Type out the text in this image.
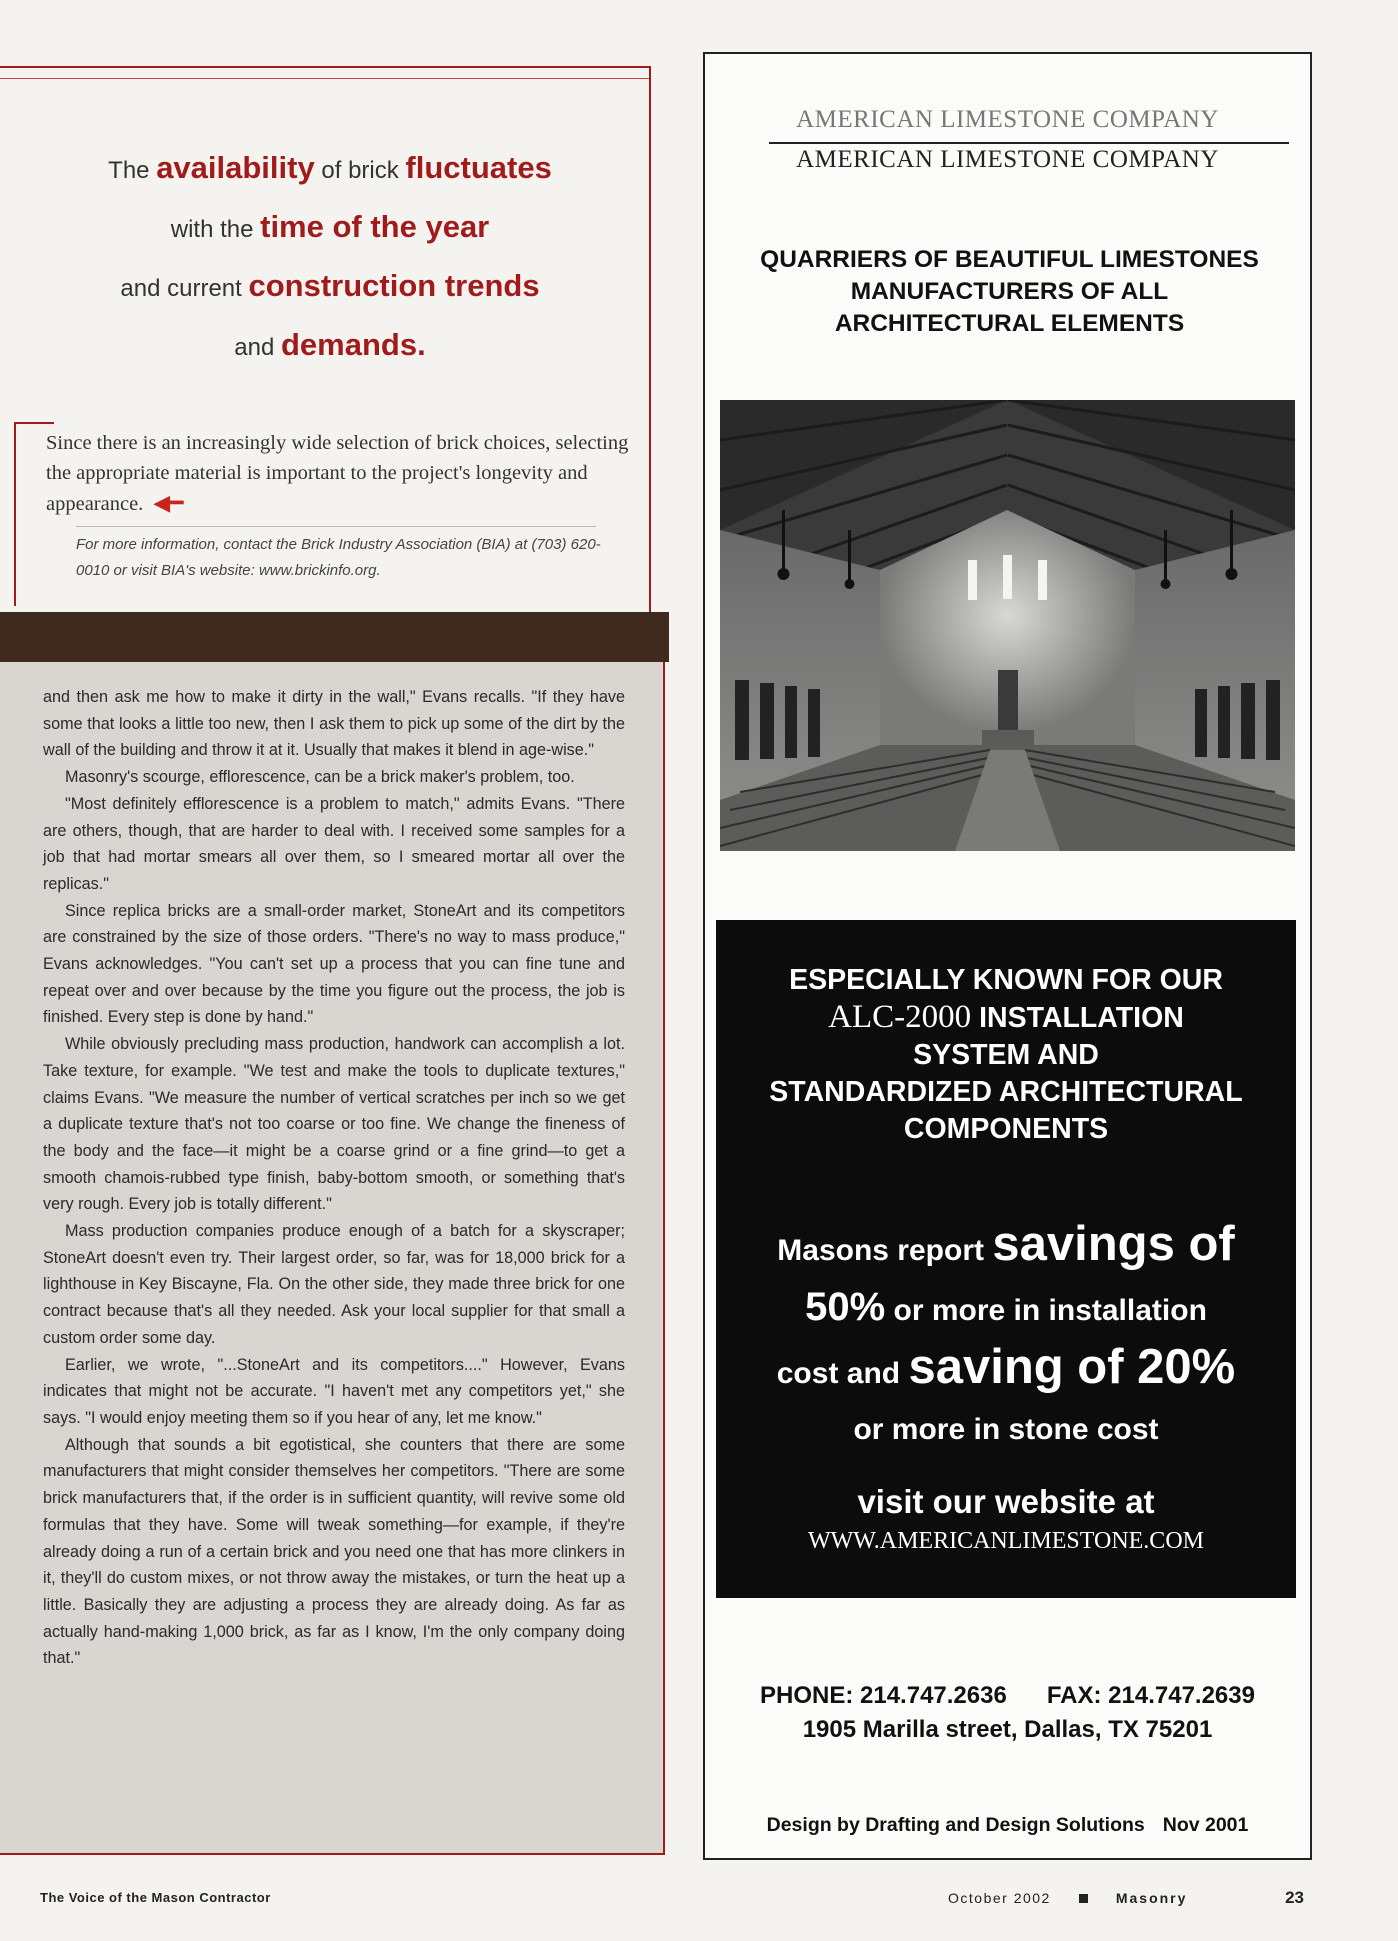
The availability of brick fluctuates
with the time of the year
and current construction trends
and demands.
Since there is an increasingly wide selection of brick choices, selecting the appropriate material is important to the project's longevity and appearance. ◀━
For more information, contact the Brick Industry Association (BIA) at (703) 620-0010 or visit BIA's website: www.brickinfo.org.

and then ask me how to make it dirty in the wall," Evans recalls. "If they have some that looks a little too new, then I ask them to pick up some of the dirt by the wall of the building and throw it at it. Usually that makes it blend in age-wise."

Masonry's scourge, efflorescence, can be a brick maker's problem, too.

"Most definitely efflorescence is a problem to match," admits Evans. "There are others, though, that are harder to deal with. I received some samples for a job that had mortar smears all over them, so I smeared mortar all over the replicas."

Since replica bricks are a small-order market, StoneArt and its competitors are constrained by the size of those orders. "There's no way to mass produce," Evans acknowledges. "You can't set up a process that you can fine tune and repeat over and over because by the time you figure out the process, the job is finished. Every step is done by hand."

While obviously precluding mass production, handwork can accomplish a lot. Take texture, for example. "We test and make the tools to duplicate textures," claims Evans. "We measure the number of vertical scratches per inch so we get a duplicate texture that's not too coarse or too fine. We change the fineness of the body and the face—it might be a coarse grind or a fine grind—to get a smooth chamois-rubbed type finish, baby-bottom smooth, or something that's very rough. Every job is totally different."

Mass production companies produce enough of a batch for a skyscraper; StoneArt doesn't even try. Their largest order, so far, was for 18,000 brick for a lighthouse in Key Biscayne, Fla. On the other side, they made three brick for one contract because that's all they needed. Ask your local supplier for that small a custom order some day.

Earlier, we wrote, "...StoneArt and its competitors...." However, Evans indicates that might not be accurate. "I haven't met any competitors yet," she says. "I would enjoy meeting them so if you hear of any, let me know."

Although that sounds a bit egotistical, she counters that there are some manufacturers that might consider themselves her competitors. "There are some brick manufacturers that, if the order is in sufficient quantity, will revive some old formulas that they have. Some will tweak something—for example, if they're already doing a run of a certain brick and you need one that has more clinkers in it, they'll do custom mixes, or not throw away the mistakes, or turn the heat up a little. Basically they are adjusting a process they are already doing. As far as actually hand-making 1,000 brick, as far as I know, I'm the only company doing that."

The Voice of the Mason Contractor	October 2002	Masonry	23
AMERICAN LIMESTONE COMPANY
AMERICAN LIMESTONE COMPANY
QUARRIERS OF BEAUTIFUL LIMESTONES
MANUFACTURERS OF ALL
ARCHITECTURAL ELEMENTS
ESPECIALLY KNOWN FOR OUR
ALC-2000 INSTALLATION
SYSTEM AND
STANDARDIZED ARCHITECTURAL
COMPONENTS
Masons report savings of
50% or more in installation
cost and saving of 20%
or more in stone cost
visit our website at
WWW.AMERICANLIMESTONE.COM
PHONE: 214.747.2636 FAX: 214.747.2639
1905 Marilla street, Dallas, TX 75201
Design by Drafting and Design Solutions Nov 2001
